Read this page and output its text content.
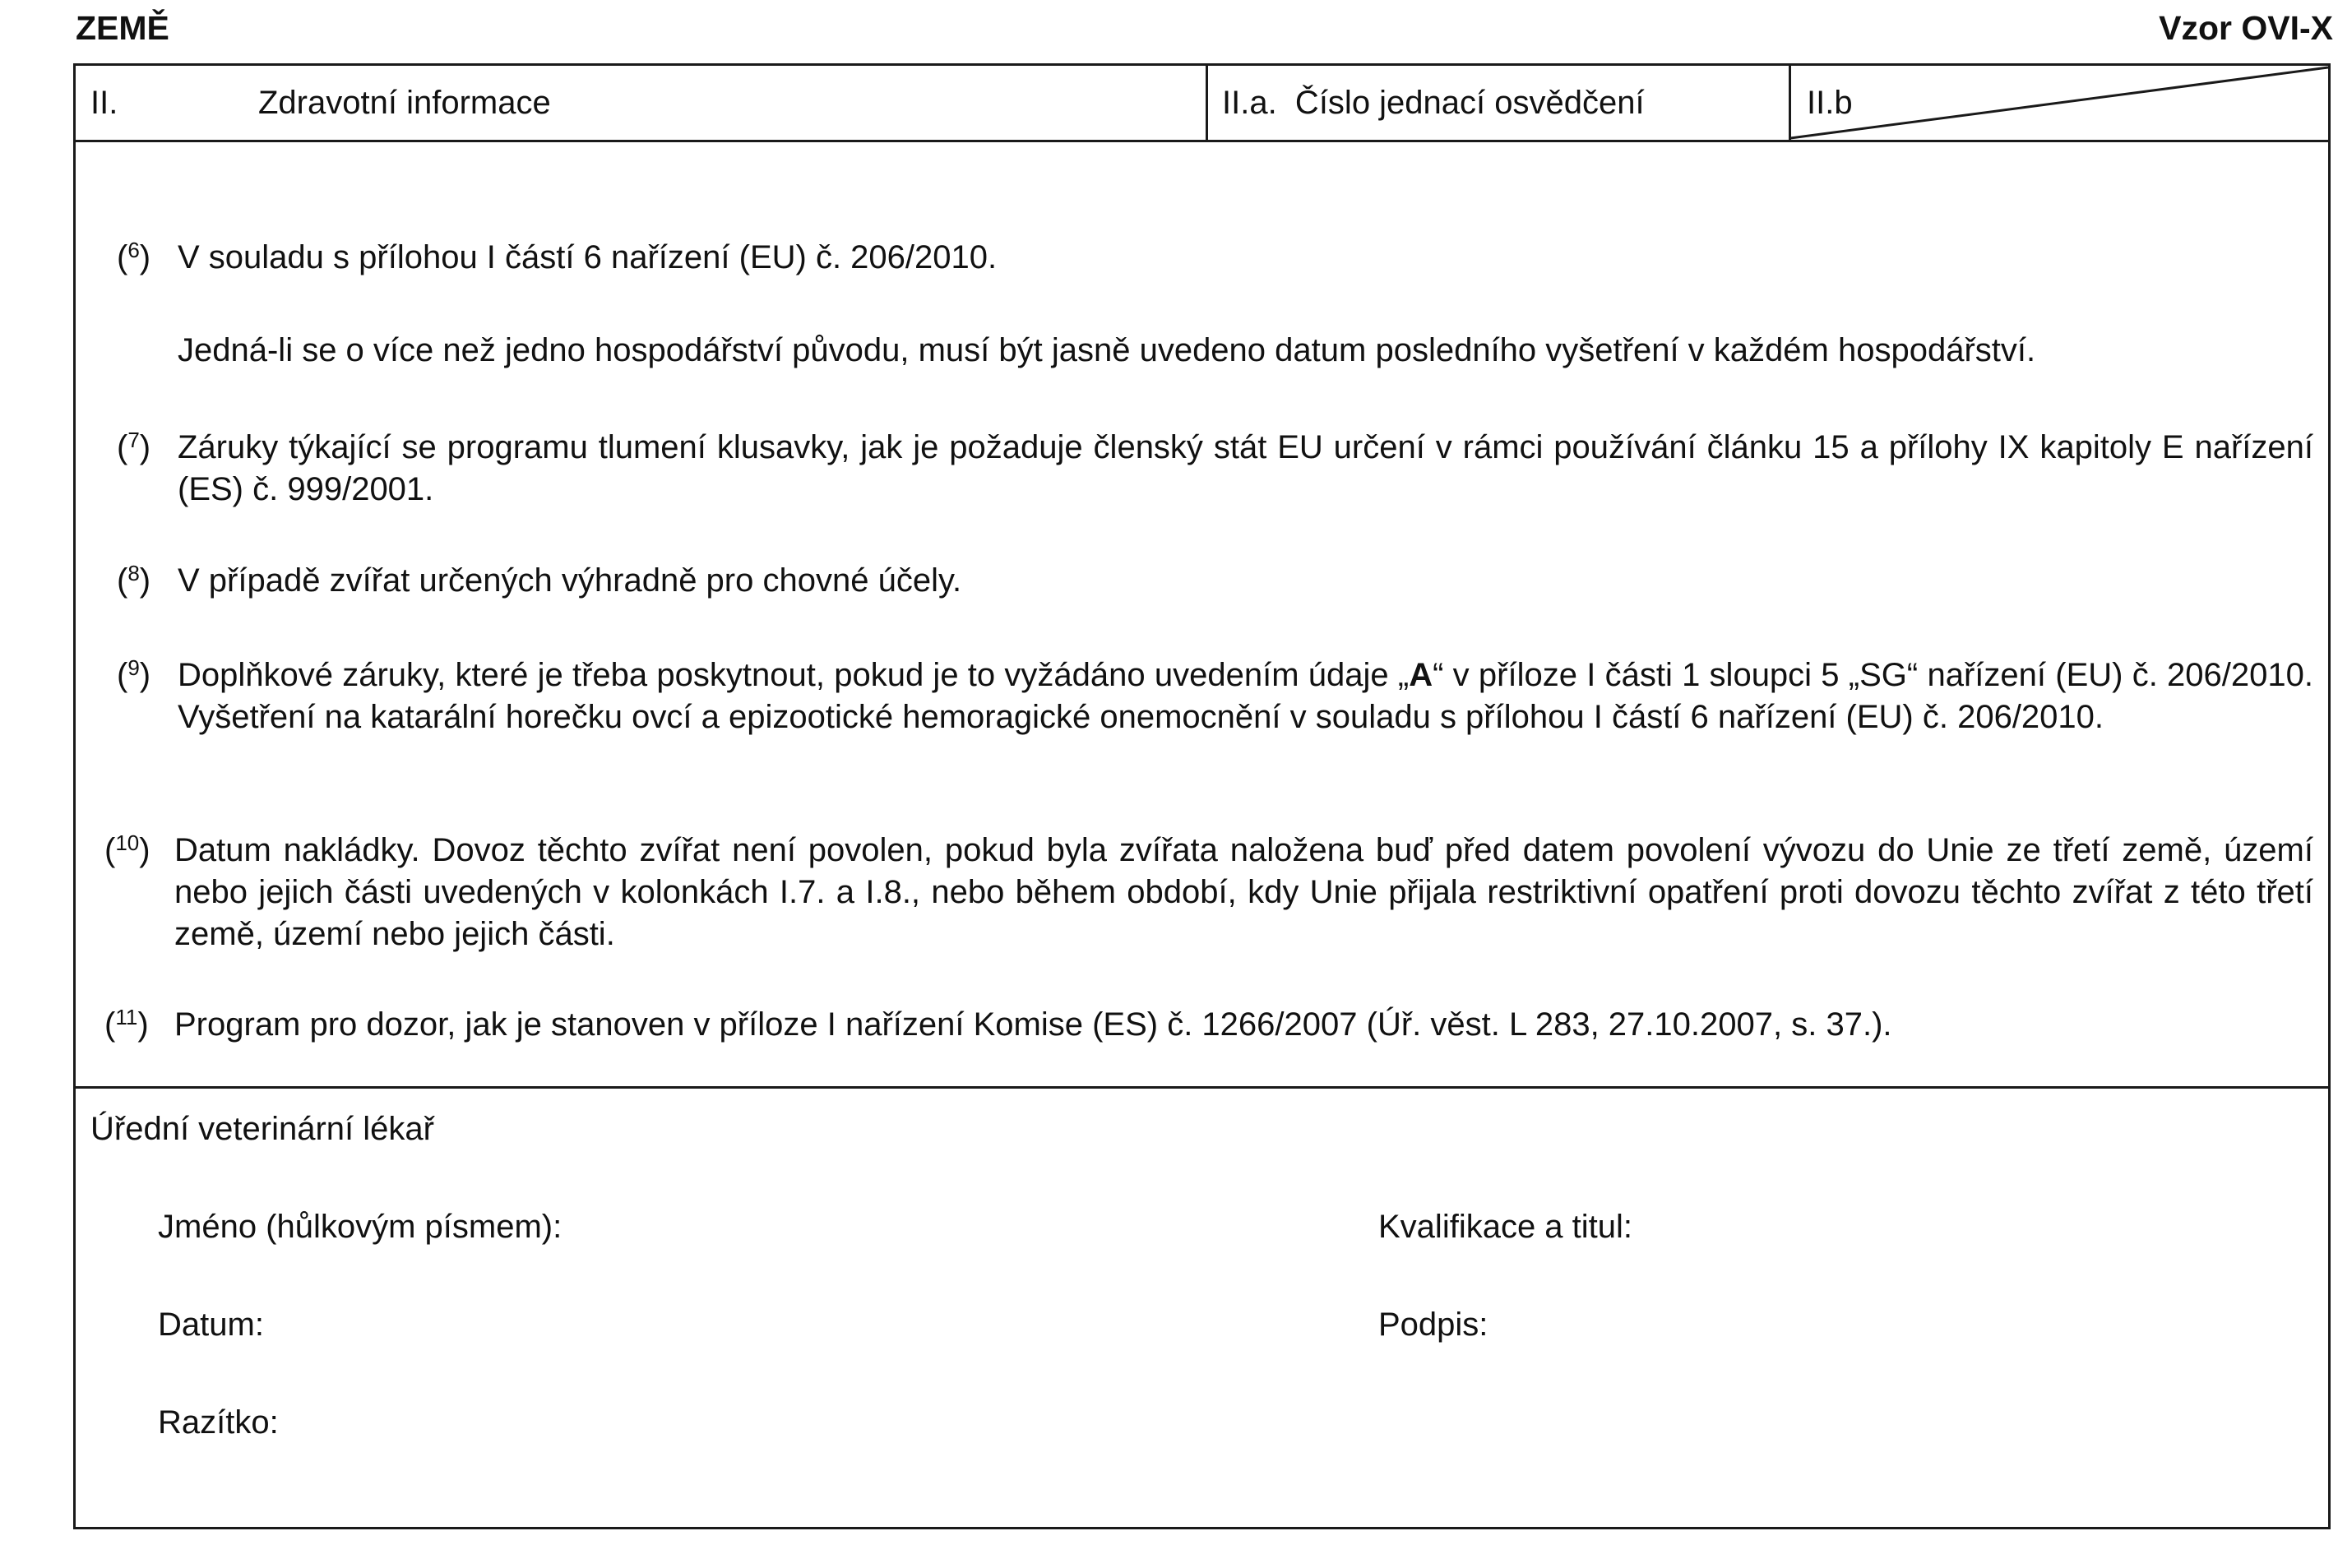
ZEMĚ	Vzor OVI-X
II.	Zdravotní informace	II.a.  Číslo jednací osvědčení	II.b
($^6$) V souladu s přílohou I částí 6 nařízení (EU) č. 206/2010.
Jedná-li se o více než jedno hospodářství původu, musí být jasně uvedeno datum posledního vyšetření v každém hospodářství.
($^7$) Záruky týkající se programu tlumení klusavky, jak je požaduje členský stát EU určení v rámci používání článku 15 a přílohy IX kapitoly E nařízení (ES) č. 999/2001.
($^8$) V případě zvířat určených výhradně pro chovné účely.
($^9$) Doplňkové záruky, které je třeba poskytnout, pokud je to vyžádáno uvedením údaje „A“ v příloze I části 1 sloupci 5 „SG“ nařízení (EU) č. 206/2010. Vyšetření na katarální horečku ovcí a epizootické hemoragické onemocnění v souladu s přílohou I částí 6 nařízení (EU) č. 206/2010.
($^{10}$) Datum nakládky. Dovoz těchto zvířat není povolen, pokud byla zvířata naložena buď před datem povolení vývozu do Unie ze třetí země, území nebo jejich části uvedených v kolonkách I.7. a I.8., nebo během období, kdy Unie přijala restriktivní opatření proti dovozu těchto zvířat z této třetí země, území nebo jejich části.
($^{11}$) Program pro dozor, jak je stanoven v příloze I nařízení Komise (ES) č. 1266/2007 (Úř. věst. L 283, 27.10.2007, s. 37.).
Úřední veterinární lékař
Jméno (hůlkovým písmem):	Kvalifikace a titul:
Datum:	Podpis:
Razítko:
